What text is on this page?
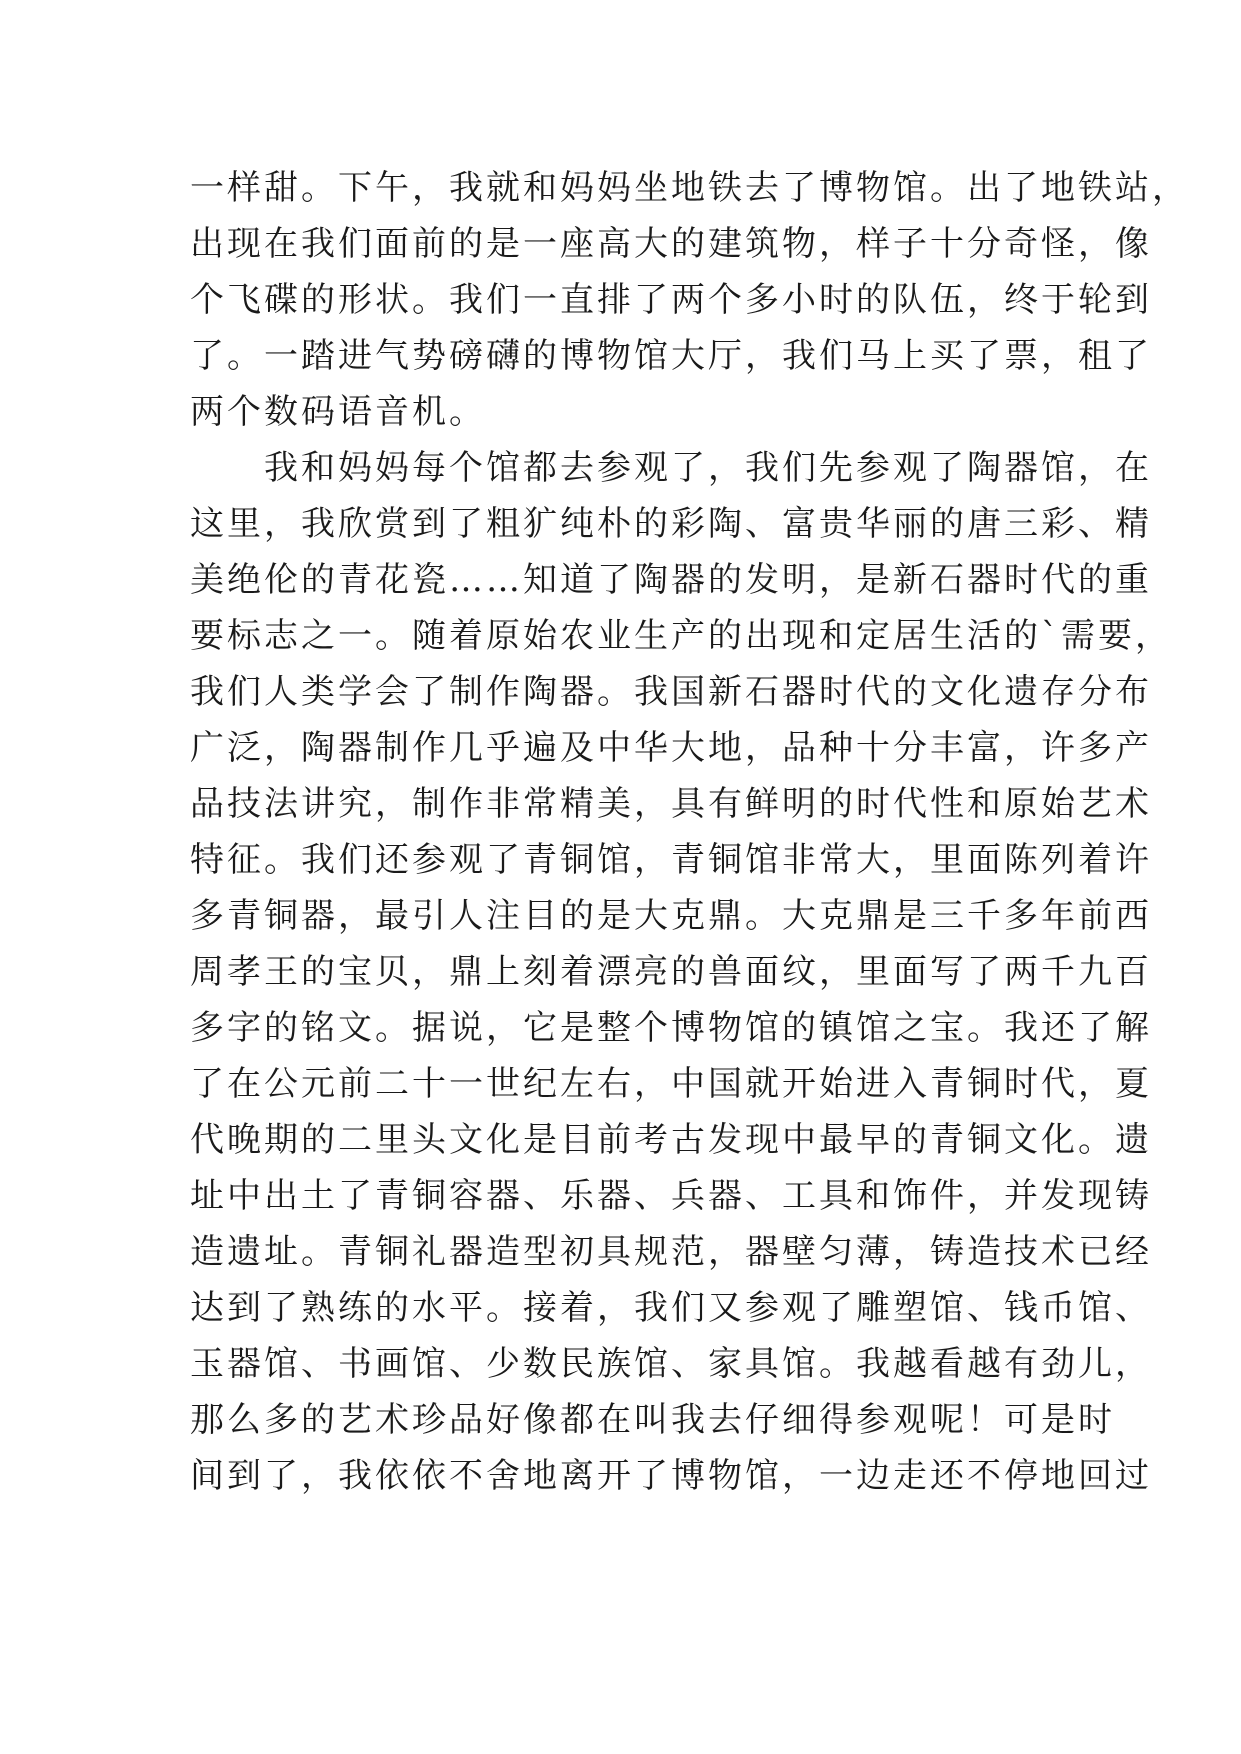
一样甜。下午，我就和妈妈坐地铁去了博物馆。出了地铁站，
出现在我们面前的是一座高大的建筑物，样子十分奇怪，像
个飞碟的形状。我们一直排了两个多小时的队伍，终于轮到
了。一踏进气势磅礴的博物馆大厅，我们马上买了票，租了
两个数码语音机。
　　我和妈妈每个馆都去参观了，我们先参观了陶器馆，在
这里，我欣赏到了粗犷纯朴的彩陶、富贵华丽的唐三彩、精
美绝伦的青花瓷……知道了陶器的发明，是新石器时代的重
要标志之一。随着原始农业生产的出现和定居生活的`需要，
我们人类学会了制作陶器。我国新石器时代的文化遗存分布
广泛，陶器制作几乎遍及中华大地，品种十分丰富，许多产
品技法讲究，制作非常精美，具有鲜明的时代性和原始艺术
特征。我们还参观了青铜馆，青铜馆非常大，里面陈列着许
多青铜器，最引人注目的是大克鼎。大克鼎是三千多年前西
周孝王的宝贝，鼎上刻着漂亮的兽面纹，里面写了两千九百
多字的铭文。据说，它是整个博物馆的镇馆之宝。我还了解
了在公元前二十一世纪左右，中国就开始进入青铜时代，夏
代晚期的二里头文化是目前考古发现中最早的青铜文化。遗
址中出土了青铜容器、乐器、兵器、工具和饰件，并发现铸
造遗址。青铜礼器造型初具规范，器壁匀薄，铸造技术已经
达到了熟练的水平。接着，我们又参观了雕塑馆、钱币馆、
玉器馆、书画馆、少数民族馆、家具馆。我越看越有劲儿，
那么多的艺术珍品好像都在叫我去仔细得参观呢！可是时
间到了，我依依不舍地离开了博物馆，一边走还不停地回过
